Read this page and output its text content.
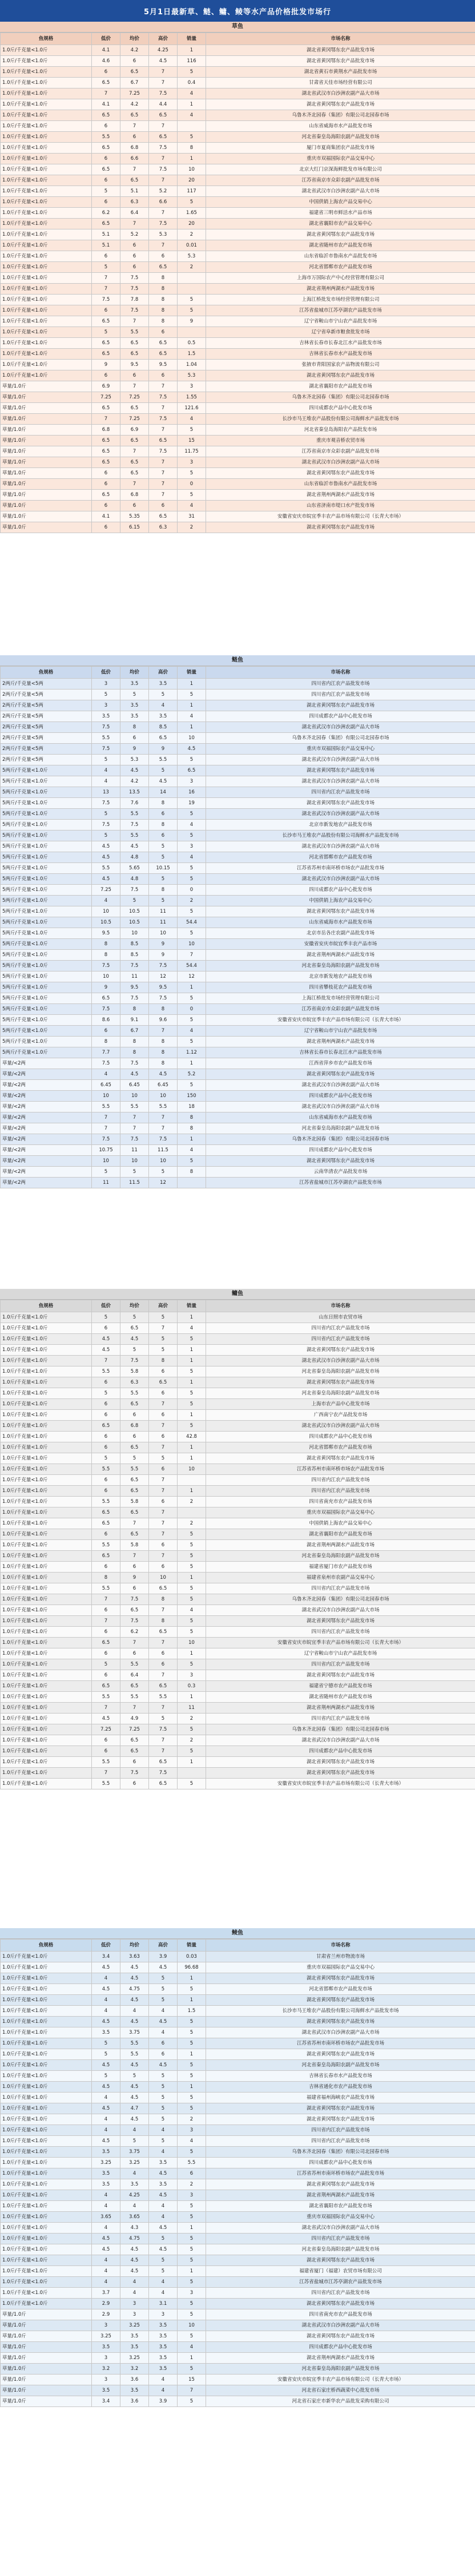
5月1日最新草、鲢、鳙、鲮等水产品价格批发市场行
草鱼
鱼规格	低价	均价	高价	销量	市场名称
1.0斤/千克量<1.0斤	4.1	4.2	4.25	1	湖北省黄冈鄂东农产品批发市场
1.0斤/千克量<1.0斤	4.6	6	4.5	116	湖北省黄冈鄂东农产品批发市场
1.0斤/千克量<1.0斤	6	6.5	7	5	湖北省黄石市黄荆水产品批发市场
1.0斤/千克量<1.0斤	6.5	6.7	7	0.4	甘肃省天佳市场经营有限公司
1.0斤/千克量<1.0斤	7	7.25	7.5	4	湖北省武汉市白沙洲农副产品大市场
1.0斤/千克量<1.0斤	4.1	4.2	4.4	1	湖北省黄冈鄂东农产品批发市场
1.0斤/千克量<1.0斤	6.5	6.5	6.5	4	乌鲁木齐北园春（集团）有限公司北园春市场
1.0斤/千克量<1.0斤	6	7	7		山东省威海市水产品批发市场
1.0斤/千克量<1.0斤	5.5	6	6.5	5	河北省秦皇岛海阳农副产品批发市场
1.0斤/千克量<1.0斤	6.5	6.8	7.5	8	厦门市夏商集团农产品批发市场
1.0斤/千克量<1.0斤	6	6.6	7	1	重庆市双福国际农产品交易中心
1.0斤/千克量<1.0斤	6.5	7	7.5	10	北京大红门京深海鲜批发市场有限公司
1.0斤/千克量<1.0斤	6	6.5	7	20	江苏省南京市众彩农副产品批发市场
1.0斤/千克量<1.0斤	5	5.1	5.2	117	湖北省武汉市白沙洲农副产品大市场
1.0斤/千克量<1.0斤	6	6.3	6.6	5	中国供销上海农产品交易中心
1.0斤/千克量<1.0斤	6.2	6.4	7	1.65	福建省三明市鲜活水产品市场
1.0斤/千克量<1.0斤	6.5	7	7.5	20	湖北省襄阳市农产品交易中心
1.0斤/千克量<1.0斤	5.1	5.2	5.3	2	湖北省黄冈鄂东农产品批发市场
1.0斤/千克量<1.0斤	5.1	6	7	0.01	湖北省随州市农产品批发市场
1.0斤/千克量<1.0斤	6	6	6	5.3	山东省临沂市鲁南水产品批发市场
1.0斤/千克量<1.0斤	5	6	6.5	2	河北省邯郸市农产品批发市场
1.0斤/千克量<1.0斤	7	7.5	8		上海市万国际农产中心经营管理有限公司
1.0斤/千克量<1.0斤	7	7.5	8		湖北省荆州两湖水产品批发市场
1.0斤/千克量<1.0斤	7.5	7.8	8	5	上海江桥批发市场经营管理有限公司
1.0斤/千克量<1.0斤	6	7.5	8	5	江苏省盐城市江苏亭湖农产品批发市场
1.0斤/千克量<1.0斤	6.5	7	8	9	辽宁省鞍山市宁山农产品批发市场
1.0斤/千克量<1.0斤	5	5.5	6		辽宁省阜新市粮食批发市场
1.0斤/千克量<1.0斤	6.5	6.5	6.5	0.5	吉林省长春市长春北江水产品批发市场
1.0斤/千克量<1.0斤	6.5	6.5	6.5	1.5	吉林省长春市水产品批发市场
1.0斤/千克量<1.0斤	9	9.5	9.5	1.04	张掖市青阳国家农产品物流有限公司
1.0斤/千克量<1.0斤	6	6	6	5.3	湖北省黄冈鄂东农产品批发市场
草量/1.0斤	6.9	7	7	3	湖北省襄阳市农产品批发市场
草量/1.0斤	7.25	7.25	7.5	1.55	乌鲁木齐北园春（集团）有限公司北园春市场
草量/1.0斤	6.5	6.5	7	121.6	四川成都农产品中心批发市场
草量/1.0斤	7	7.25	7.5	4	长沙市马王堆农产品股份有限公司海鲜水产品批发市场
草量/1.0斤	6.8	6.9	7	5	河北省秦皇岛海阳农产品批发市场
草量/1.0斤	6.5	6.5	6.5	15	重庆市观音桥农贸市场
草量/1.0斤	6.5	7	7.5	11.75	江苏省南京市众彩农副产品批发市场
草量/1.0斤	6.5	6.5	7	3	湖北省武汉市白沙洲农副产品大市场
草量/1.0斤	6	6.5	7	5	湖北省黄冈鄂东农产品批发市场
草量/1.0斤	6	7	7	0	山东省临沂市鲁南水产品批发市场
草量/1.0斤	6.5	6.8	7	5	湖北省荆州两湖水产品批发市场
草量/1.0斤	6	6	6	4	山东省济南市堤口水产批发市场
草量/1.0斤	4.1	5.35	6.5	31	安徽省安庆市皖宜季丰农产品市场有限公司（长青大市场）
草量/1.0斤	6	6.15	6.3	2	湖北省黄冈鄂东农产品批发市场
鲢鱼
鱼规格	低价	均价	高价	销量	市场名称
2两斤/千克量<5两	3	3.5	3.5	1	四川省内江农产品批发市场
2两斤/千克量<5两	5	5	5	5	四川省内江农产品批发市场
2两斤/千克量<5两	3	3.5	4	1	湖北省黄冈鄂东农产品批发市场
2两斤/千克量<5两	3.5	3.5	3.5	4	四川成都农产品中心批发市场
2两斤/千克量<5两	7.5	8	8.5	1	湖北省武汉市白沙洲农副产品大市场
2两斤/千克量<5两	5.5	6	6.5	10	乌鲁木齐北园春（集团）有限公司北园春市场
2两斤/千克量<5两	7.5	9	9	4.5	重庆市双福国际农产品交易中心
2两斤/千克量<5两	5	5.3	5.5	5	湖北省武汉市白沙洲农副产品大市场
5两斤/千克量<1.0斤	4	4.5	5	6.5	湖北省黄冈鄂东农产品批发市场
5两斤/千克量<1.0斤	4	4.2	4.5	3	湖北省武汉市白沙洲农副产品大市场
5两斤/千克量<1.0斤	13	13.5	14	16	四川省内江农产品批发市场
5两斤/千克量<1.0斤	7.5	7.6	8	19	湖北省黄冈鄂东农产品批发市场
5两斤/千克量<1.0斤	5	5.5	6	5	湖北省武汉市白沙洲农副产品大市场
5两斤/千克量<1.0斤	7.5	7.5	8	4	北京市新发地农产品批发市场
5两斤/千克量<1.0斤	5	5.5	6	5	长沙市马王堆农产品股份有限公司海鲜水产品批发市场
5两斤/千克量<1.0斤	4.5	4.5	5	3	湖北省武汉市白沙洲农副产品大市场
5两斤/千克量<1.0斤	4.5	4.8	5	4	河北省邯郸市农产品批发市场
5两斤/千克量<1.0斤	5.5	5.65	10.15	5	江苏省苏州市南环桥市场农产品批发市场
5两斤/千克量<1.0斤	4.5	4.8	5	5	湖北省武汉市白沙洲农副产品大市场
5两斤/千克量<1.0斤	7.25	7.5	8	0	四川成都农产品中心批发市场
5两斤/千克量<1.0斤	4	5	5	2	中国供销上海农产品交易中心
5两斤/千克量<1.0斤	10	10.5	11	5	湖北省黄冈鄂东农产品批发市场
5两斤/千克量<1.0斤	10.5	10.5	11	54.4	山东省威海市水产品批发市场
5两斤/千克量<1.0斤	9.5	10	10	5	北京市岳各庄农副产品批发市场
5两斤/千克量<1.0斤	8	8.5	9	10	安徽省安庆市皖宜季丰农产品市场
5两斤/千克量<1.0斤	8	8.5	9	7	湖北省荆州两湖水产品批发市场
5两斤/千克量<1.0斤	7.5	7.5	7.5	54.4	河北省秦皇岛海阳农副产品批发市场
5两斤/千克量<1.0斤	10	11	12	12	北京市新发地农产品批发市场
5两斤/千克量<1.0斤	9	9.5	9.5	1	四川省攀枝花农产品批发市场
5两斤/千克量<1.0斤	6.5	7.5	7.5	5	上海江桥批发市场经营管理有限公司
5两斤/千克量<1.0斤	7.5	8	8	0	江苏省南京市众彩农副产品批发市场
5两斤/千克量<1.0斤	8.6	9.1	9.6	5	安徽省安庆市皖宜季丰农产品市场有限公司（长青大市场）
5两斤/千克量<1.0斤	6	6.7	7	4	辽宁省鞍山市宁山农产品批发市场
5两斤/千克量<1.0斤	8	8	8	5	湖北省荆州两湖水产品批发市场
5两斤/千克量<1.0斤	7.7	8	8	1.12	吉林省长春市长春北江水产品批发市场
草量/<2两	7.5	7.5	8	1	江西省萍乡市农产品批发市场
草量/<2两	4	4.5	4.5	5.2	湖北省黄冈鄂东农产品批发市场
草量/<2两	6.45	6.45	6.45	5	湖北省武汉市白沙洲农副产品大市场
草量/<2两	10	10	10	150	四川成都农产品中心批发市场
草量/<2两	5.5	5.5	5.5	18	湖北省武汉市白沙洲农副产品大市场
草量/<2两	7	7	7	8	山东省威海市水产品批发市场
草量/<2两	7	7	7	8	河北省秦皇岛海阳农副产品批发市场
草量/<2两	7.5	7.5	7.5	1	乌鲁木齐北园春（集团）有限公司北园春市场
草量/<2两	10.75	11	11.5	4	四川成都农产品中心批发市场
草量/<2两	10	10	10	5	湖北省黄冈鄂东农产品批发市场
草量/<2两	5	5	5	8	云南华清农产品批发市场
草量/<2两	11	11.5	12		江苏省盐城市江苏亭湖农产品批发市场
鳙鱼
鱼规格	低价	均价	高价	销量	市场名称
1.0斤/千克量<1.0斤	5	5	5	1	山东日照市农贸市场
1.0斤/千克量<1.0斤	6	6.5	7	4	四川省内江农产品批发市场
1.0斤/千克量<1.0斤	4.5	4.5	5	5	四川省内江农产品批发市场
1.0斤/千克量<1.0斤	4.5	5	5	1	湖北省黄冈鄂东农产品批发市场
1.0斤/千克量<1.0斤	7	7.5	8	1	湖北省武汉市白沙洲农副产品大市场
1.0斤/千克量<1.0斤	5.5	5.8	6	5	河北省秦皇岛海阳农副产品批发市场
1.0斤/千克量<1.0斤	6	6.3	6.5	1	湖北省黄冈鄂东农产品批发市场
1.0斤/千克量<1.0斤	5	5.5	6	5	河北省秦皇岛海阳农副产品批发市场
1.0斤/千克量<1.0斤	6	6.5	7	5	上海市农产品中心批发市场
1.0斤/千克量<1.0斤	6	6	6	1	广西南宁农产品批发市场
1.0斤/千克量<1.0斤	6.5	6.8	7	5	湖北省武汉市白沙洲农副产品大市场
1.0斤/千克量<1.0斤	6	6	6	42.8	四川成都农产品中心批发市场
1.0斤/千克量<1.0斤	6	6.5	7	1	河北省邯郸市农产品批发市场
1.0斤/千克量<1.0斤	5	5	5	1	湖北省黄冈鄂东农产品批发市场
1.0斤/千克量<1.0斤	5.5	5.5	6	10	江苏省苏州市南环桥市场农产品批发市场
1.0斤/千克量<1.0斤	6	6.5	7		四川省内江农产品批发市场
1.0斤/千克量<1.0斤	6	6.5	7	1	四川省内江农产品批发市场
1.0斤/千克量<1.0斤	5.5	5.8	6	2	四川省南充市农产品批发市场
1.0斤/千克量<1.0斤	6.5	6.5	7		重庆市双福国际农产品交易中心
1.0斤/千克量<1.0斤	6.5	7	7	2	中国供销上海农产品交易中心
1.0斤/千克量<1.0斤	6	6.5	7	5	湖北省襄阳市农产品批发市场
1.0斤/千克量<1.0斤	5.5	5.8	6	5	湖北省荆州两湖水产品批发市场
1.0斤/千克量<1.0斤	6.5	7	7	5	河北省秦皇岛海阳农副产品批发市场
1.0斤/千克量<1.0斤	6	6	6	5	福建省厦门市农产品批发市场
1.0斤/千克量<1.0斤	8	9	10	1	福建省泉州市农副产品交易中心
1.0斤/千克量<1.0斤	5.5	6	6.5	5	四川省内江农产品批发市场
1.0斤/千克量<1.0斤	7	7.5	8	5	乌鲁木齐北园春（集团）有限公司北园春市场
1.0斤/千克量<1.0斤	6	6.5	7	4	湖北省武汉市白沙洲农副产品大市场
1.0斤/千克量<1.0斤	7	7.5	8	5	湖北省黄冈鄂东农产品批发市场
1.0斤/千克量<1.0斤	6	6.2	6.5	5	四川省内江农产品批发市场
1.0斤/千克量<1.0斤	6.5	7	7	10	安徽省安庆市皖宜季丰农产品市场有限公司（长青大市场）
1.0斤/千克量<1.0斤	6	6	6	1	辽宁省鞍山市宁山农产品批发市场
1.0斤/千克量<1.0斤	5	5.5	6	5	四川省内江农产品批发市场
1.0斤/千克量<1.0斤	6	6.4	7	3	湖北省黄冈鄂东农产品批发市场
1.0斤/千克量<1.0斤	6.5	6.5	6.5	0.3	福建省宁德市农产品批发市场
1.0斤/千克量<1.0斤	5.5	5.5	5.5	1	湖北省随州市农产品批发市场
1.0斤/千克量<1.0斤	7	7	7	11	湖北省荆州两湖水产品批发市场
1.0斤/千克量<1.0斤	4.5	4.9	5	2	四川省内江农产品批发市场
1.0斤/千克量<1.0斤	7.25	7.25	7.5	5	乌鲁木齐北园春（集团）有限公司北园春市场
1.0斤/千克量<1.0斤	6	6.5	7	2	湖北省武汉市白沙洲农副产品大市场
1.0斤/千克量<1.0斤	6	6.5	7	5	四川成都农产品中心批发市场
1.0斤/千克量<1.0斤	5.5	6	6.5	1	湖北省黄冈鄂东农产品批发市场
1.0斤/千克量<1.0斤	7	7.5	7.5		湖北省黄冈鄂东农产品批发市场
1.0斤/千克量<1.0斤	5.5	6	6.5	5	安徽省安庆市皖宜季丰农产品市场有限公司（长青大市场）
鲮鱼
鱼规格	低价	均价	高价	销量	市场名称
1.0斤/千克量<1.0斤	3.4	3.63	3.9	0.03	甘肃省兰州市物流市场
1.0斤/千克量<1.0斤	4.5	4.5	4.5	96.68	重庆市双福国际农产品交易中心
1.0斤/千克量<1.0斤	4	4.5	5	1	湖北省黄冈鄂东农产品批发市场
1.0斤/千克量<1.0斤	4.5	4.75	5	5	河北省邯郸市农产品批发市场
1.0斤/千克量<1.0斤	4	4.5	5	1	湖北省黄冈鄂东农产品批发市场
1.0斤/千克量<1.0斤	4	4	4	1.5	长沙市马王堆农产品股份有限公司海鲜水产品批发市场
1.0斤/千克量<1.0斤	4.5	4.5	4.5	5	湖北省黄冈鄂东农产品批发市场
1.0斤/千克量<1.0斤	3.5	3.75	4	5	湖北省武汉市白沙洲农副产品大市场
1.0斤/千克量<1.0斤	5	5.5	6	5	江苏省苏州市南环桥市场农产品批发市场
1.0斤/千克量<1.0斤	5	5.5	6	1	湖北省黄冈鄂东农产品批发市场
1.0斤/千克量<1.0斤	4.5	4.5	4.5	5	河北省秦皇岛海阳农副产品批发市场
1.0斤/千克量<1.0斤	5	5	5	5	吉林省长春市水产品批发市场
1.0斤/千克量<1.0斤	4.5	4.5	5	1	吉林省通化市农产品批发市场
1.0斤/千克量<1.0斤	4	4.5	5	5	福建省福州海峡农产品批发市场
1.0斤/千克量<1.0斤	4.5	4.7	5	5	湖北省黄冈鄂东农产品批发市场
1.0斤/千克量<1.0斤	4	4.5	5	2	湖北省黄冈鄂东农产品批发市场
1.0斤/千克量<1.0斤	4	4	4	3	四川省内江农产品批发市场
1.0斤/千克量<1.0斤	4.5	5	5	4	四川省内江农产品批发市场
1.0斤/千克量<1.0斤	3.5	3.75	4	5	乌鲁木齐北园春（集团）有限公司北园春市场
1.0斤/千克量<1.0斤	3.25	3.25	3.5	5.5	四川成都农产品中心批发市场
1.0斤/千克量<1.0斤	3.5	4	4.5	6	江苏省苏州市南环桥市场农产品批发市场
1.0斤/千克量<1.0斤	3.5	3.5	3.5	2	湖北省黄冈鄂东农产品批发市场
1.0斤/千克量<1.0斤	4	4.25	4.5	3	湖北省荆州两湖水产品批发市场
1.0斤/千克量<1.0斤	4	4	4	5	湖北省襄阳市农产品批发市场
1.0斤/千克量<1.0斤	3.65	3.65	4	5	重庆市双福国际农产品交易中心
1.0斤/千克量<1.0斤	4	4.3	4.5	1	湖北省武汉市白沙洲农副产品大市场
1.0斤/千克量<1.0斤	4.5	4.75	5	5	四川省内江农产品批发市场
1.0斤/千克量<1.0斤	4.5	4.5	4.5	5	河北省秦皇岛海阳农副产品批发市场
1.0斤/千克量<1.0斤	4	4.5	5	5	湖北省黄冈鄂东农产品批发市场
1.0斤/千克量<1.0斤	4	4.5	5	1	福建省厦门（福建）农贸市场有限公司
1.0斤/千克量<1.0斤	4	4	4	5	江苏省盐城市江苏亭湖农产品批发市场
1.0斤/千克量<1.0斤	3.7	4	4	3	四川省内江农产品批发市场
1.0斤/千克量<1.0斤	2.9	3	3.1	5	湖北省黄冈鄂东农产品批发市场
草量/1.0斤	2.9	3	3	5	四川省南充市农产品批发市场
草量/1.0斤	3	3.25	3.5	10	湖北省武汉市白沙洲农副产品大市场
草量/1.0斤	3.25	3.5	3.5	5	湖北省黄冈鄂东农产品批发市场
草量/1.0斤	3.5	3.5	3.5	4	四川成都农产品中心批发市场
草量/1.0斤	3	3.25	3.5	1	湖北省荆州两湖水产品批发市场
草量/1.0斤	3.2	3.2	3.5	5	河北省秦皇岛海阳农副产品批发市场
草量/1.0斤	3	3.6	4	15	安徽省安庆市皖宜季丰农产品市场有限公司（长青大市场）
草量/1.0斤	3.5	3.5	4	7	河北省石家庄桥西蔬菜中心批发市场
草量/1.0斤	3.4	3.6	3.9	5	河北省石家庄市新华农产品批发采购有限公司
